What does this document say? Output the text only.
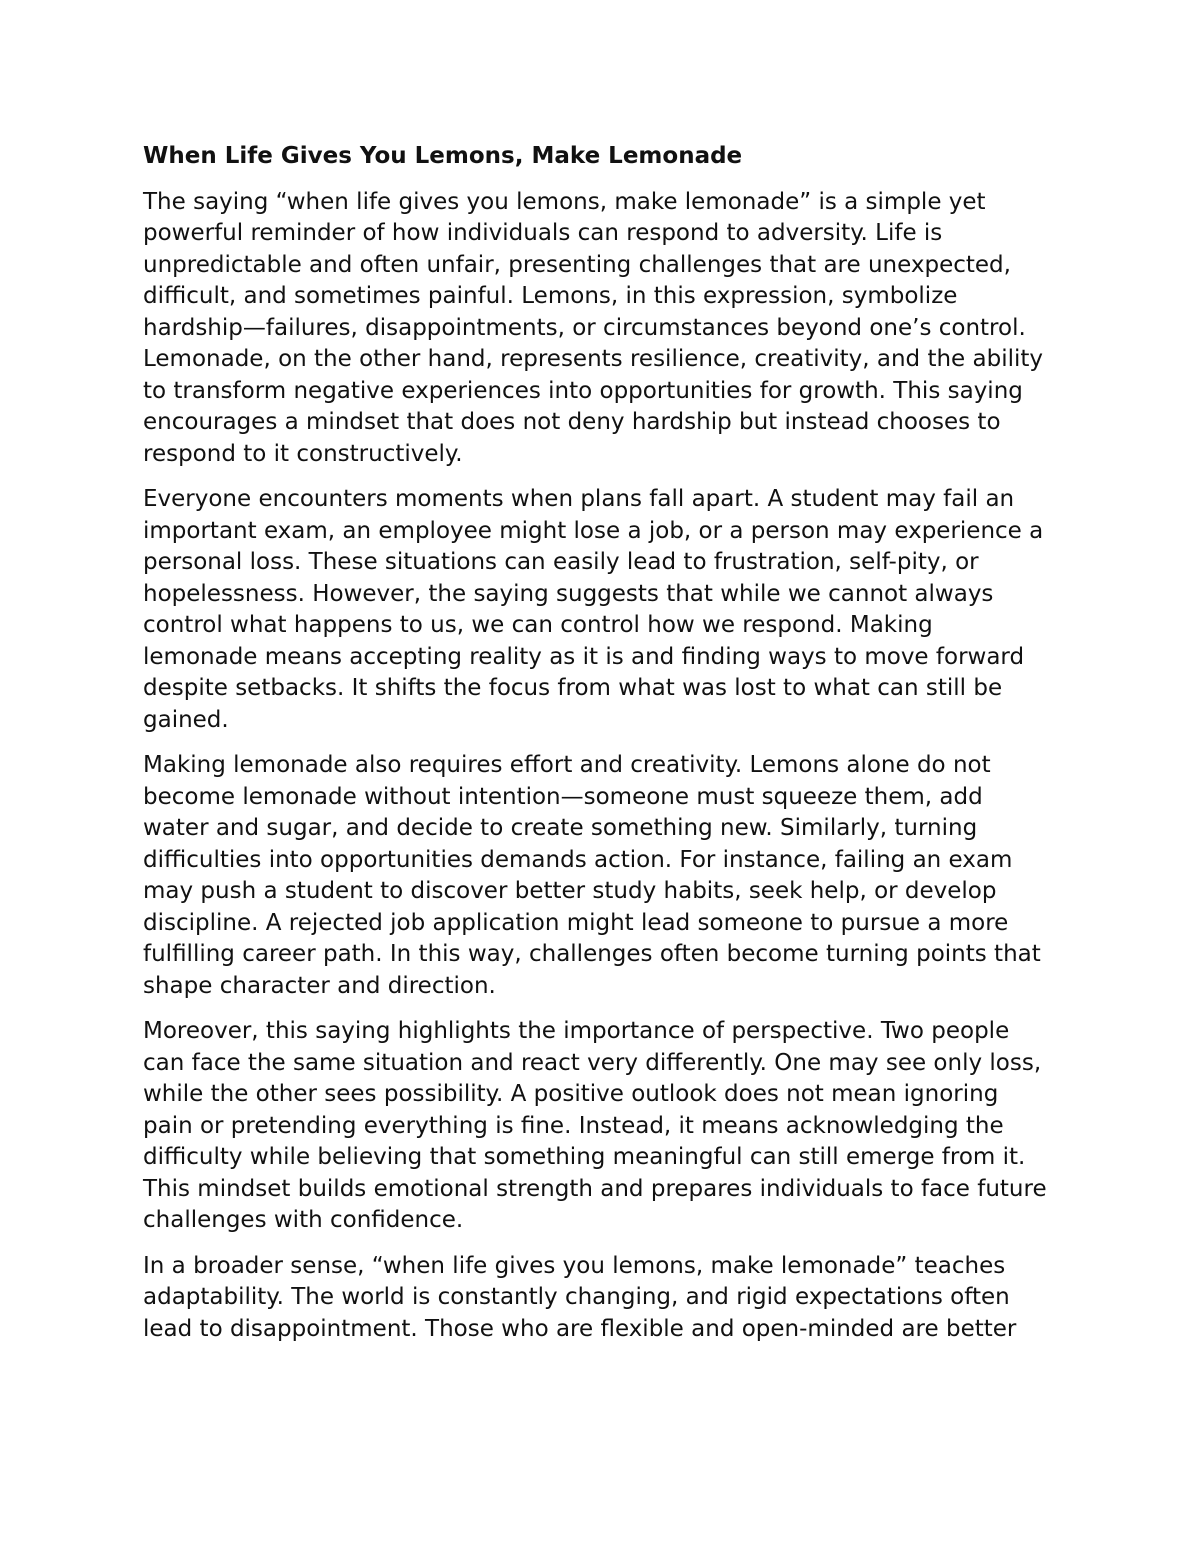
When Life Gives You Lemons, Make Lemonade

The saying “when life gives you lemons, make lemonade” is a simple yet powerful reminder of how individuals can respond to adversity. Life is unpredictable and often unfair, presenting challenges that are unexpected, difficult, and sometimes painful. Lemons, in this expression, symbolize hardship—failures, disappointments, or circumstances beyond one’s control. Lemonade, on the other hand, represents resilience, creativity, and the ability to transform negative experiences into opportunities for growth. This saying encourages a mindset that does not deny hardship but instead chooses to respond to it constructively.

Everyone encounters moments when plans fall apart. A student may fail an important exam, an employee might lose a job, or a person may experience a personal loss. These situations can easily lead to frustration, self-pity, or hopelessness. However, the saying suggests that while we cannot always control what happens to us, we can control how we respond. Making lemonade means accepting reality as it is and finding ways to move forward despite setbacks. It shifts the focus from what was lost to what can still be gained.

Making lemonade also requires effort and creativity. Lemons alone do not become lemonade without intention—someone must squeeze them, add water and sugar, and decide to create something new. Similarly, turning difficulties into opportunities demands action. For instance, failing an exam may push a student to discover better study habits, seek help, or develop discipline. A rejected job application might lead someone to pursue a more fulfilling career path. In this way, challenges often become turning points that shape character and direction.

Moreover, this saying highlights the importance of perspective. Two people can face the same situation and react very differently. One may see only loss, while the other sees possibility. A positive outlook does not mean ignoring pain or pretending everything is fine. Instead, it means acknowledging the difficulty while believing that something meaningful can still emerge from it. This mindset builds emotional strength and prepares individuals to face future challenges with confidence.

In a broader sense, “when life gives you lemons, make lemonade” teaches adaptability. The world is constantly changing, and rigid expectations often lead to disappointment. Those who are flexible and open-minded are better
